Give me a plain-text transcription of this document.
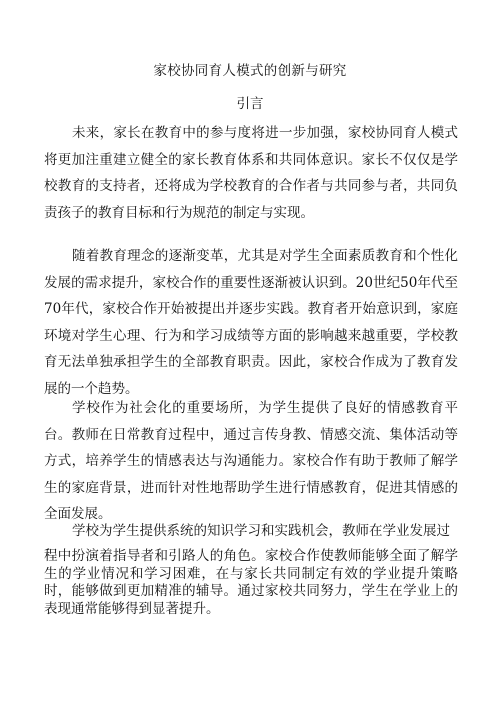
家校协同育人模式的创新与研究
引言

未来，家长在教育中的参与度将进一步加强，家校协同育人模式将更加注重建立健全的家长教育体系和共同体意识。家长不仅仅是学校教育的支持者，还将成为学校教育的合作者与共同参与者，共同负责孩子的教育目标和行为规范的制定与实现。

随着教育理念的逐渐变革，尤其是对学生全面素质教育和个性化发展的需求提升，家校合作的重要性逐渐被认识到。20世纪50年代至70年代，家校合作开始被提出并逐步实践。教育者开始意识到，家庭环境对学生心理、行为和学习成绩等方面的影响越来越重要，学校教育无法单独承担学生的全部教育职责。因此，家校合作成为了教育发展的一个趋势。

学校作为社会化的重要场所，为学生提供了良好的情感教育平台。教师在日常教育过程中，通过言传身教、情感交流、集体活动等方式，培养学生的情感表达与沟通能力。家校合作有助于教师了解学生的家庭背景，进而针对性地帮助学生进行情感教育，促进其情感的全面发展。

学校为学生提供系统的知识学习和实践机会，教师在学业发展过

程中扮演着指导者和引路人的角色。家校合作使教师能够全面了解学生的学业情况和学习困难，在与家长共同制定有效的学业提升策略时，能够做到更加精准的辅导。通过家校共同努力，学生在学业上的表现通常能够得到显著提升。
